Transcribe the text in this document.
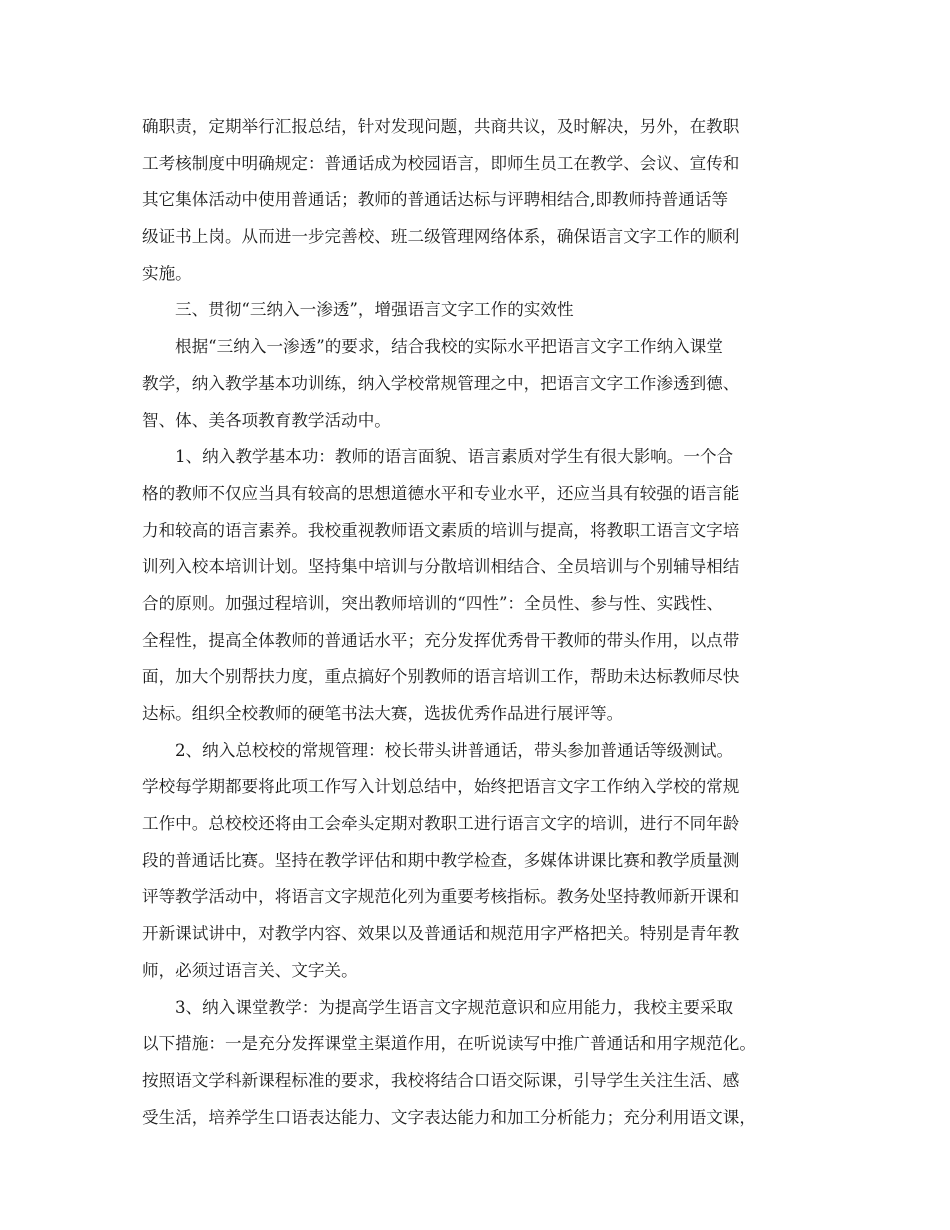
确职责，定期举行汇报总结，针对发现问题，共商共议，及时解决，另外，在教职
工考核制度中明确规定：普通话成为校园语言，即师生员工在教学、会议、宣传和
其它集体活动中使用普通话；教师的普通话达标与评聘相结合,即教师持普通话等
级证书上岗。从而进一步完善校、班二级管理网络体系，确保语言文字工作的顺利
实施。
三、贯彻“三纳入一渗透”，增强语言文字工作的实效性
根据“三纳入一渗透”的要求，结合我校的实际水平把语言文字工作纳入课堂
教学，纳入教学基本功训练，纳入学校常规管理之中，把语言文字工作渗透到德、
智、体、美各项教育教学活动中。
1、纳入教学基本功：教师的语言面貌、语言素质对学生有很大影响。一个合
格的教师不仅应当具有较高的思想道德水平和专业水平，还应当具有较强的语言能
力和较高的语言素养。我校重视教师语文素质的培训与提高，将教职工语言文字培
训列入校本培训计划。坚持集中培训与分散培训相结合、全员培训与个别辅导相结
合的原则。加强过程培训，突出教师培训的“四性”：全员性、参与性、实践性、
全程性，提高全体教师的普通话水平；充分发挥优秀骨干教师的带头作用，以点带
面，加大个别帮扶力度，重点搞好个别教师的语言培训工作，帮助未达标教师尽快
达标。组织全校教师的硬笔书法大赛，选拔优秀作品进行展评等。
2、纳入总校校的常规管理：校长带头讲普通话，带头参加普通话等级测试。
学校每学期都要将此项工作写入计划总结中，始终把语言文字工作纳入学校的常规
工作中。总校校还将由工会牵头定期对教职工进行语言文字的培训，进行不同年龄
段的普通话比赛。坚持在教学评估和期中教学检查，多媒体讲课比赛和教学质量测
评等教学活动中，将语言文字规范化列为重要考核指标。教务处坚持教师新开课和
开新课试讲中，对教学内容、效果以及普通话和规范用字严格把关。特别是青年教
师，必须过语言关、文字关。
3、纳入课堂教学：为提高学生语言文字规范意识和应用能力，我校主要采取
以下措施：一是充分发挥课堂主渠道作用，在听说读写中推广普通话和用字规范化。
按照语文学科新课程标准的要求，我校将结合口语交际课，引导学生关注生活、感
受生活，培养学生口语表达能力、文字表达能力和加工分析能力；充分利用语文课，
